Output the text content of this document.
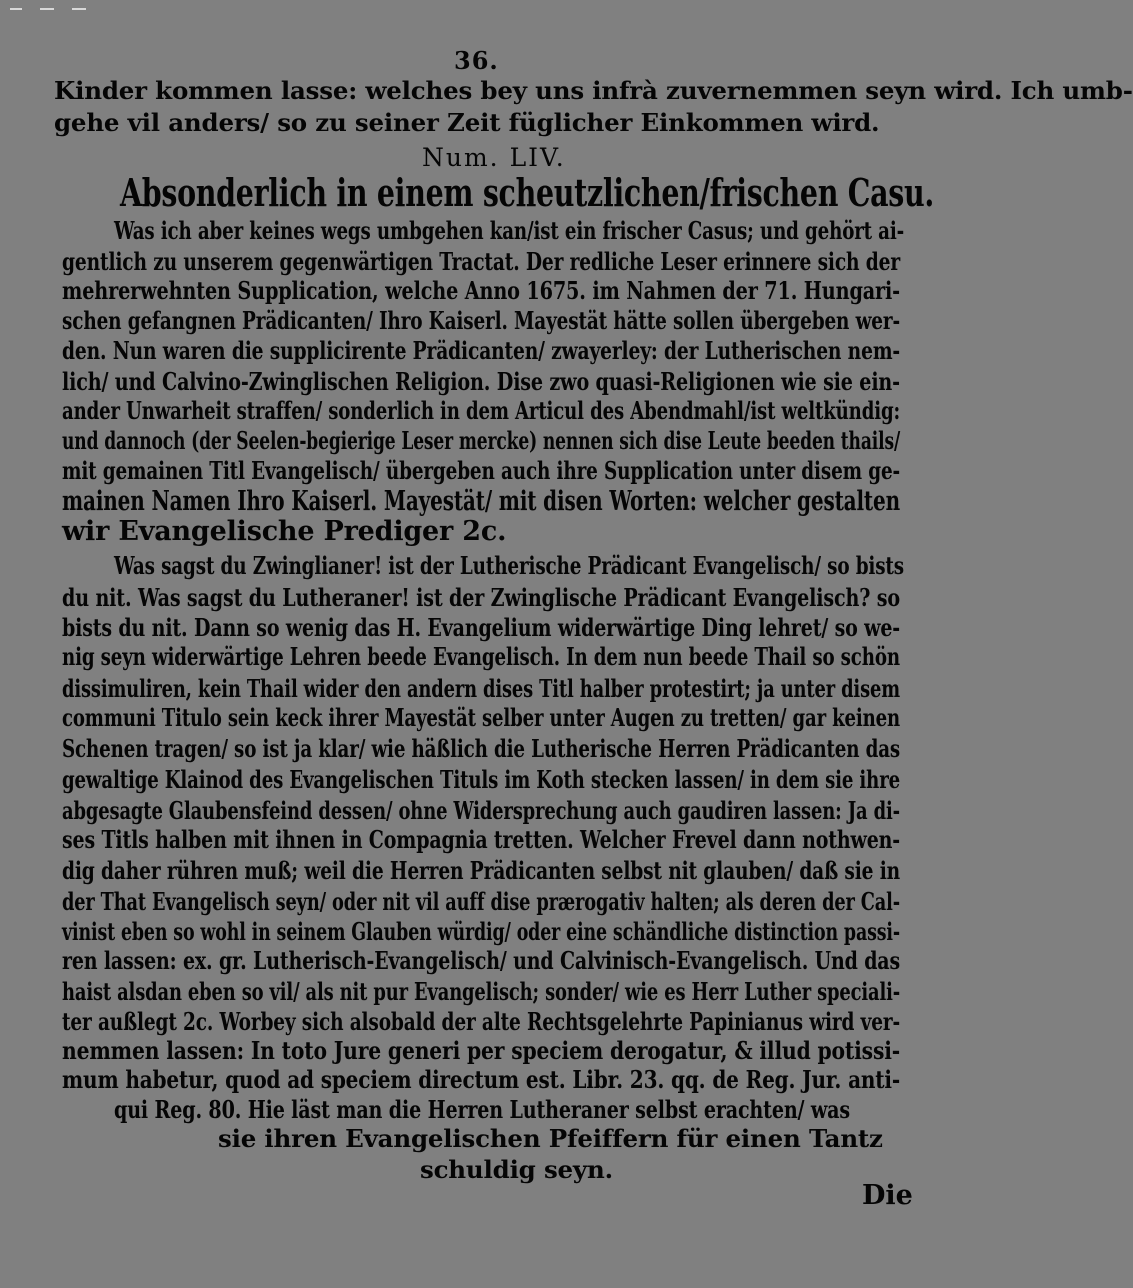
36.
Kinder kommen lasse: welches bey uns infrà zuvernemmen seyn wird. Ich umb-
gehe vil anders/ so zu seiner Zeit füglicher Einkommen wird.
Num. LIV.
Absonderlich in einem scheutzlichen/frischen Casu.
Was ich aber keines wegs umbgehen kan/ist ein frischer Casus; und gehört ai-
gentlich zu unserem gegenwärtigen Tractat. Der redliche Leser erinnere sich der
mehrerwehnten Supplication, welche Anno 1675. im Nahmen der 71. Hungari-
schen gefangnen Prädicanten/ Ihro Kaiserl. Mayestät hätte sollen übergeben wer-
den. Nun waren die supplicirente Prädicanten/ zwayerley: der Lutherischen nem-
lich/ und Calvino-Zwinglischen Religion. Dise zwo quasi-Religionen wie sie ein-
ander Unwarheit straffen/ sonderlich in dem Articul des Abendmahl/ist weltkündig:
und dannoch (der Seelen-begierige Leser mercke) nennen sich dise Leute beeden thails/
mit gemainen Titl Evangelisch/ übergeben auch ihre Supplication unter disem ge-
mainen Namen Ihro Kaiserl. Mayestät/ mit disen Worten: welcher gestalten
wir Evangelische Prediger 2c.
Was sagst du Zwinglianer! ist der Lutherische Prädicant Evangelisch/ so bists
du nit. Was sagst du Lutheraner! ist der Zwinglische Prädicant Evangelisch? so
bists du nit. Dann so wenig das H. Evangelium widerwärtige Ding lehret/ so we-
nig seyn widerwärtige Lehren beede Evangelisch. In dem nun beede Thail so schön
dissimuliren, kein Thail wider den andern dises Titl halber protestirt; ja unter disem
communi Titulo sein keck ihrer Mayestät selber unter Augen zu tretten/ gar keinen
Schenen tragen/ so ist ja klar/ wie häßlich die Lutherische Herren Prädicanten das
gewaltige Klainod des Evangelischen Tituls im Koth stecken lassen/ in dem sie ihre
abgesagte Glaubensfeind dessen/ ohne Widersprechung auch gaudiren lassen: Ja di-
ses Titls halben mit ihnen in Compagnia tretten. Welcher Frevel dann nothwen-
dig daher rühren muß; weil die Herren Prädicanten selbst nit glauben/ daß sie in
der That Evangelisch seyn/ oder nit vil auff dise prærogativ halten; als deren der Cal-
vinist eben so wohl in seinem Glauben würdig/ oder eine schändliche distinction passi-
ren lassen: ex. gr. Lutherisch-Evangelisch/ und Calvinisch-Evangelisch. Und das
haist alsdan eben so vil/ als nit pur Evangelisch; sonder/ wie es Herr Luther speciali-
ter außlegt 2c. Worbey sich alsobald der alte Rechtsgelehrte Papinianus wird ver-
nemmen lassen: In toto Jure generi per speciem derogatur, & illud potissi-
mum habetur, quod ad speciem directum est. Libr. 23. qq. de Reg. Jur. anti-
qui Reg. 80. Hie läst man die Herren Lutheraner selbst erachten/ was
sie ihren Evangelischen Pfeiffern für einen Tantz
schuldig seyn.
Die
